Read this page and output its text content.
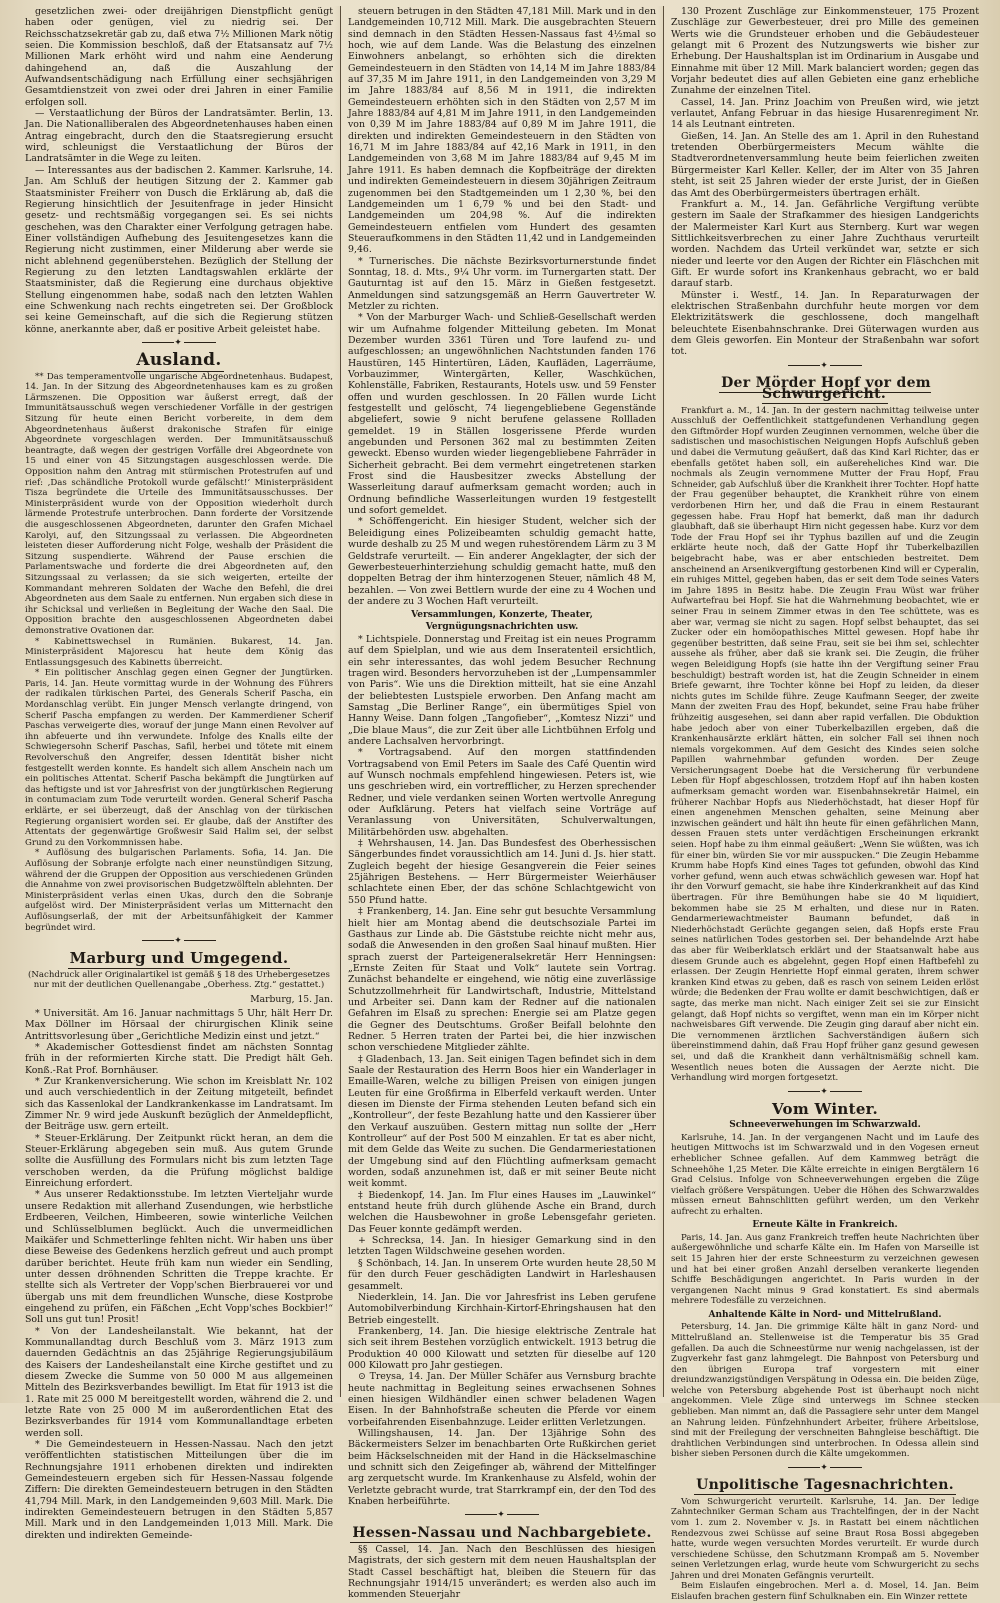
gesetzlichen zwei- oder dreijährigen Dienstpflicht genügt haben oder genügen, viel zu niedrig sei. Der Reichsschatzsekretär gab zu, daß etwa 7½ Millionen Mark nötig seien. Die Kommission beschloß, daß der Etatsansatz auf 7½ Millionen Mark erhöht wird und nahm eine Aenderung dahingehend an, daß die Auszahlung der Aufwandsentschädigung nach Erfüllung einer sechsjährigen Gesamtdienstzeit von zwei oder drei Jahren in einer Familie erfolgen soll.

— Verstaatlichung der Büros der Landratsämter. Berlin, 13. Jan. Die Nationalliberalen des Abgeordnetenhauses haben einen Antrag eingebracht, durch den die Staatsregierung ersucht wird, schleunigst die Verstaatlichung der Büros der Landratsämter in die Wege zu leiten.

— Interessantes aus der badischen 2. Kammer. Karlsruhe, 14. Jan. Am Schluß der heutigen Sitzung der 2. Kammer gab Staatsminister Freiherr von Dusch die Erklärung ab, daß die Regierung hinsichtlich der Jesuitenfrage in jeder Hinsicht gesetz- und rechtsmäßig vorgegangen sei. Es sei nichts geschehen, was den Charakter einer Verfolgung getragen habe. Einer vollständigen Aufhebung des Jesuitengesetzes kann die Regierung nicht zustimmen, einer Milderung aber werde sie nicht ablehnend gegenüberstehen. Bezüglich der Stellung der Regierung zu den letzten Landtagswahlen erklärte der Staatsminister, daß die Regierung eine durchaus objektive Stellung eingenommen habe, sodaß nach den letzten Wahlen eine Schwenkung nach rechts eingetreten sei. Der Großblock sei keine Gemeinschaft, auf die sich die Regierung stützen könne, anerkannte aber, daß er positive Arbeit geleistet habe.

✦
Ausland.

** Das temperamentvolle ungarische Abgeordnetenhaus. Budapest, 14. Jan. In der Sitzung des Abgeordnetenhauses kam es zu großen Lärmszenen. Die Opposition war äußerst erregt, daß der Immunitätsausschuß wegen verschiedener Vorfälle in der gestrigen Sitzung für heute einen Bericht vorbereite, in dem dem Abgeordnetenhaus äußerst drakonische Strafen für einige Abgeordnete vorgeschlagen werden. Der Immunitätsausschuß beantragte, daß wegen der gestrigen Vorfälle drei Abgeordnete von 15 und einer von 45 Sitzungstagen ausgeschlossen werde. Die Opposition nahm den Antrag mit stürmischen Protestrufen auf und rief: ‚Das schändliche Protokoll wurde gefälscht!‘ Ministerpräsident Tisza begründete die Urteile des Immunitätsausschusses. Der Ministerpräsident wurde von der Opposition wiederholt durch lärmende Protestrufe unterbrochen. Dann forderte der Vorsitzende die ausgeschlossenen Abgeordneten, darunter den Grafen Michael Karolyi, auf, den Sitzungssaal zu verlassen. Die Abgeordneten leisteten dieser Aufforderung nicht Folge, weshalb der Präsident die Sitzung suspendierte. Während der Pause erschien die Parlamentswache und forderte die drei Abgeordneten auf, den Sitzungssaal zu verlassen; da sie sich weigerten, erteilte der Kommandant mehreren Soldaten der Wache den Befehl, die drei Abgeordneten aus dem Saale zu entfernen. Nun ergaben sich diese in ihr Schicksal und verließen in Begleitung der Wache den Saal. Die Opposition brachte den ausgeschlossenen Abgeordneten dabei demonstrative Ovationen dar.

* Kabinettswechsel in Rumänien. Bukarest, 14. Jan. Ministerpräsident Majorescu hat heute dem König das Entlassungsgesuch des Kabinetts überreicht.

* Ein politischer Anschlag gegen einen Gegner der Jungtürken. Paris, 14. Jan. Heute vormittag wurde in der Wohnung des Führers der radikalen türkischen Partei, des Generals Scherif Pascha, ein Mordanschlag verübt. Ein junger Mensch verlangte dringend, von Scherif Pascha empfangen zu werden. Der Kammerdiener Scherif Paschas verweigerte dies, worauf der junge Mann einen Revolver auf ihn abfeuerte und ihn verwundete. Infolge des Knalls eilte der Schwiegersohn Scherif Paschas, Safil, herbei und tötete mit einem Revolverschuß den Angreifer, dessen Identität bisher nicht festgestellt werden konnte. Es handelt sich allem Anschein nach um ein politisches Attentat. Scherif Pascha bekämpft die Jungtürken auf das heftigste und ist vor Jahresfrist von der jungtürkischen Regierung in contumaciam zum Tode verurteilt worden. General Scherif Pascha erklärte, er sei überzeugt, daß der Anschlag von der türkischen Regierung organisiert worden sei. Er glaube, daß der Anstifter des Attentats der gegenwärtige Großwesir Said Halim sei, der selbst Grund zu den Vorkommnissen habe.

* Auflösung des bulgarischen Parlaments. Sofia, 14. Jan. Die Auflösung der Sobranje erfolgte nach einer neunstündigen Sitzung, während der die Gruppen der Opposition aus verschiedenen Gründen die Annahme von zwei provisorischen Budgetzwölfteln ablehnten. Der Ministerpräsident verlas einen Ukas, durch den die Sobranje aufgelöst wird. Der Ministerpräsident verlas um Mitternacht den Auflösungserlaß, der mit der Arbeitsunfähigkeit der Kammer begründet wird.

✦
Marburg und Umgegend.
(Nachdruck aller Originalartikel ist gemäß § 18 des Urhebergesetzes nur mit der deutlichen Quellenangabe „Oberhess. Ztg.“ gestattet.)
Marburg, 15. Jan.

* Universität. Am 16. Januar nachmittags 5 Uhr, hält Herr Dr. Max Döllner im Hörsaal der chirurgischen Klinik seine Antrittsvorlesung über „Gerichtliche Medizin einst und jetzt.“

* Akademischer Gottesdienst findet am nächsten Sonntag früh in der reformierten Kirche statt. Die Predigt hält Geh. Konß.-Rat Prof. Bornhäuser.

* Zur Krankenversicherung. Wie schon im Kreisblatt Nr. 102 und auch verschiedentlich in der Zeitung mitgeteilt, befindet sich das Kassenlokal der Landkrankenkasse im Landratsamt. Im Zimmer Nr. 9 wird jede Auskunft bezüglich der Anmeldepflicht, der Beiträge usw. gern erteilt.

* Steuer-Erklärung. Der Zeitpunkt rückt heran, an dem die Steuer-Erklärung abgegeben sein muß. Aus gutem Grunde sollte die Ausfüllung des Formulars nicht bis zum letzten Tage verschoben werden, da die Prüfung möglichst baldige Einreichung erfordert.

* Aus unserer Redaktionsstube. Im letzten Vierteljahr wurde unsere Redaktion mit allerhand Zusendungen, wie herbstliche Erdbeeren, Veilchen, Himbeeren, sowie winterliche Veilchen und Schlüsselblumen beglückt. Auch die unvermeidlichen Maikäfer und Schmetterlinge fehlten nicht. Wir haben uns über diese Beweise des Gedenkens herzlich gefreut und auch prompt darüber berichtet. Heute früh kam nun wieder ein Sendling, unter dessen dröhnenden Schritten die Treppe krachte. Er stellte sich als Vertreter der Vopp'schen Bierbrauerei vor und übergab uns mit dem freundlichen Wunsche, diese Kostprobe eingehend zu prüfen, ein Fäßchen „Echt Vopp'sches Bockbier!“ Soll uns gut tun! Prosit!

* Von der Landesheilanstalt. Wie bekannt, hat der Kommunallandtag durch Beschluß vom 3. März 1913 zum dauernden Gedächtnis an das 25jährige Regierungsjubiläum des Kaisers der Landesheilanstalt eine Kirche gestiftet und zu diesem Zwecke die Summe von 50 000 M aus allgemeinen Mitteln des Bezirksverbandes bewilligt. Im Etat für 1913 ist die 1. Rate mit 25 000 M bereitgestellt worden, während die 2. und letzte Rate von 25 000 M im außerordentlichen Etat des Bezirksverbandes für 1914 vom Kommunallandtage erbeten werden soll.

* Die Gemeindesteuern in Hessen-Nassau. Nach den jetzt veröffentlichten statistischen Mitteilungen über die im Rechnungsjahre 1911 erhobenen direkten und indirekten Gemeindesteuern ergeben sich für Hessen-Nassau folgende Ziffern: Die direkten Gemeindesteuern betrugen in den Städten 41,794 Mill. Mark, in den Landgemeinden 9,603 Mill. Mark. Die indirekten Gemeindesteuern betrugen in den Städten 5,857 Mill. Mark und in den Landgemeinden 1,013 Mill. Mark. Die direkten und indirekten Gemeinde-

steuern betrugen in den Städten 47,181 Mill. Mark und in den Landgemeinden 10,712 Mill. Mark. Die ausgebrachten Steuern sind demnach in den Städten Hessen-Nassaus fast 4½mal so hoch, wie auf dem Lande. Was die Belastung des einzelnen Einwohners anbelangt, so erhöhten sich die direkten Gemeindesteuern in den Städten von 14,14 M im Jahre 1883/84 auf 37,35 M im Jahre 1911, in den Landgemeinden von 3,29 M im Jahre 1883/84 auf 8,56 M in 1911, die indirekten Gemeindesteuern erhöhten sich in den Städten von 2,57 M im Jahre 1883/84 auf 4,81 M im Jahre 1911, in den Landgemeinden von 0,39 M im Jahre 1883/84 auf 0,89 M im Jahre 1911, die direkten und indirekten Gemeindesteuern in den Städten von 16,71 M im Jahre 1883/84 auf 42,16 Mark in 1911, in den Landgemeinden von 3,68 M im Jahre 1883/84 auf 9,45 M im Jahre 1911. Es haben demnach die Kopfbeiträge der direkten und indirekten Gemeindesteuern in diesem 30jährigen Zeitraum zugenommen bei den Stadtgemeinden um 1 2,30 %, bei den Landgemeinden um 1 6,79 % und bei den Stadt- und Landgemeinden um 204,98 %. Auf die indirekten Gemeindesteuern entfielen vom Hundert des gesamten Steueraufkommens in den Städten 11,42 und in Landgemeinden 9,46.

* Turnerisches. Die nächste Bezirksvorturnerstunde findet Sonntag, 18. d. Mts., 9¼ Uhr vorm. im Turnergarten statt. Der Gauturntag ist auf den 15. März in Gießen festgesetzt. Anmeldungen sind satzungsgemäß an Herrn Gauvertreter W. Metzler zu richten.

* Von der Marburger Wach- und Schließ-Gesellschaft werden wir um Aufnahme folgender Mitteilung gebeten. Im Monat Dezember wurden 3361 Türen und Tore laufend zu- und aufgeschlossen; an ungewöhnlichen Nachtstunden fanden 176 Haustüren, 145 Hintertüren, Läden, Kaufläden, Lagerräume, Vorbauzimmer, Wintergärten, Keller, Waschküchen, Kohlenställe, Fabriken, Restaurants, Hotels usw. und 59 Fenster offen und wurden geschlossen. In 20 Fällen wurde Licht festgestellt und gelöscht, 74 liegengebliebene Gegenstände abgeliefert, sowie 9 nicht berufene gelassene Rollladen gemeldet. 19 in Ställen losgerissene Pferde wurden angebunden und Personen 362 mal zu bestimmten Zeiten geweckt. Ebenso wurden wieder liegengebliebene Fahrräder in Sicherheit gebracht. Bei dem vermehrt eingetretenen starken Frost sind die Hausbesitzer zwecks Abstellung der Wasserleitung darauf aufmerksam gemacht worden; auch in Ordnung befindliche Wasserleitungen wurden 19 festgestellt und sofort gemeldet.

* Schöffengericht. Ein hiesiger Student, welcher sich der Beleidigung eines Polizeibeamten schuldig gemacht hatte, wurde deshalb zu 25 M und wegen ruhestörendem Lärm zu 3 M Geldstrafe verurteilt. — Ein anderer Angeklagter, der sich der Gewerbesteuerhinterziehung schuldig gemacht hatte, muß den doppelten Betrag der ihm hinterzogenen Steuer, nämlich 48 M, bezahlen. — Von zwei Bettlern wurde der eine zu 4 Wochen und der andere zu 3 Wochen Haft verurteilt.

Versammlungen, Konzerte, Theater, Vergnügungsnachrichten usw.

* Lichtspiele. Donnerstag und Freitag ist ein neues Programm auf dem Spielplan, und wie aus dem Inseratenteil ersichtlich, ein sehr interessantes, das wohl jedem Besucher Rechnung tragen wird. Besonders hervorzuheben ist der „Lumpensammler von Paris“. Wie uns die Direktion mitteilt, hat sie eine Anzahl der beliebtesten Lustspiele erworben. Den Anfang macht am Samstag „Die Berliner Range“, ein übermütiges Spiel von Hanny Weise. Dann folgen „Tangofieber“, „Komtesz Nizzi“ und „Die blaue Maus“, die zur Zeit über alle Lichtbühnen Erfolg und andere Lachsalven hervorbringt.

* Vortragsabend. Auf den morgen stattfindenden Vortragsabend von Emil Peters im Saale des Café Quentin wird auf Wunsch nochmals empfehlend hingewiesen. Peters ist, wie uns geschrieben wird, ein vortrefflicher, zu Herzen sprechender Redner, und viele verdanken seinen Worten wertvolle Anregung oder Aufklärung. Peters hat vielfach seine Vorträge auf Veranlassung von Universitäten, Schulverwaltungen, Militärbehörden usw. abgehalten.

‡ Wehrshausen, 14. Jan. Das Bundesfest des Oberhessischen Sängerbundes findet voraussichtlich am 14. Juni d. Js. hier statt. Zugleich begeht der hiesige Gesangverein die Feier seines 25jährigen Bestehens. — Herr Bürgermeister Weierhäuser schlachtete einen Eber, der das schöne Schlachtgewicht von 550 Pfund hatte.

‡ Frankenberg, 14. Jan. Eine sehr gut besuchte Versammlung hielt hier am Montag abend die deutschsoziale Partei im Gasthaus zur Linde ab. Die Gäststube reichte nicht mehr aus, sodaß die Anwesenden in den großen Saal hinauf mußten. Hier sprach zuerst der Parteigeneralsekretär Herr Henningsen: „Ernste Zeiten für Staat und Volk“ lautete sein Vortrag. Zunächst behandelte er eingehend, wie nötig eine zuverlässige Schutzzollmehrheit für Landwirtschaft, Industrie, Mittelstand und Arbeiter sei. Dann kam der Redner auf die nationalen Gefahren im Elsaß zu sprechen: Energie sei am Platze gegen die Gegner des Deutschtums. Großer Beifall belohnte den Redner. 5 Herren traten der Partei bei, die hier inzwischen schon verschiedene Mitglieder zählte.

‡ Gladenbach, 13. Jan. Seit einigen Tagen befindet sich in dem Saale der Restauration des Herrn Boos hier ein Wanderlager in Emaille-Waren, welche zu billigen Preisen von einigen jungen Leuten für eine Großfirma in Elberfeld verkauft werden. Unter diesen im Dienste der Firma stehenden Leuten befand sich ein „Kontrolleur“, der feste Bezahlung hatte und den Kassierer über den Verkauf auszuüben. Gestern mittag nun sollte der „Herr Kontrolleur“ auf der Post 500 M einzahlen. Er tat es aber nicht, mit dem Gelde das Weite zu suchen. Die Gendarmeriestationen der Umgebung sind auf den Flüchtling aufmerksam gemacht worden, sodaß anzunehmen ist, daß er mit seiner Beute nicht weit kommt.

‡ Biedenkopf, 14. Jan. Im Flur eines Hauses im „Lauwinkel“ entstand heute früh durch glühende Asche ein Brand, durch welchen die Hausbewohner in große Lebensgefahr gerieten. Das Feuer konnte gedämpft werden.

+ Schrecksa, 14. Jan. In hiesiger Gemarkung sind in den letzten Tagen Wildschweine gesehen worden.

§ Schönbach, 14. Jan. In unserem Orte wurden heute 28,50 M für den durch Feuer geschädigten Landwirt in Harleshausen gesammelt.

Niederklein, 14. Jan. Die vor Jahresfrist ins Leben gerufene Automobilverbindung Kirchhain-Kirtorf-Ehringshausen hat den Betrieb eingestellt.

Frankenberg, 14. Jan. Die hiesige elektrische Zentrale hat sich seit ihrem Bestehen vorzüglich entwickelt. 1913 betrug die Produktion 40 000 Kilowatt und setzten für dieselbe auf 120 000 Kilowatt pro Jahr gestiegen.

⊙ Treysa, 14. Jan. Der Müller Schäfer aus Vernsburg brachte heute nachmittag in Begleitung seines erwachsenen Sohnes einen hiesigen Wildhändler einen schwer beladenen Wagen Eisen. In der Bahnhofstraße scheuten die Pferde vor einem vorbeifahrenden Eisenbahnzuge. Leider erlitten Verletzungen.

Willingshausen, 14. Jan. Der 13jährige Sohn des Bäckermeisters Selzer im benachbarten Orte Rußkirchen geriet beim Häckselschneiden mit der Hand in die Häckselmaschine und schnitt sich den Zeigefinger ab, während der Mittelfinger arg zerquetscht wurde. Im Krankenhause zu Alsfeld, wohin der Verletzte gebracht wurde, trat Starrkrampf ein, der den Tod des Knaben herbeiführte.

✦
Hessen-Nassau und Nachbargebiete.

§§ Cassel, 14. Jan. Nach den Beschlüssen des hiesigen Magistrats, der sich gestern mit dem neuen Haushaltsplan der Stadt Cassel beschäftigt hat, bleiben die Steuern für das Rechnungsjahr 1914/15 unverändert; es werden also auch im kommenden Steuerjahr

130 Prozent Zuschläge zur Einkommensteuer, 175 Prozent Zuschläge zur Gewerbesteuer, drei pro Mille des gemeinen Werts wie die Grundsteuer erhoben und die Gebäudesteuer gelangt mit 6 Prozent des Nutzungswerts wie bisher zur Erhebung. Der Haushaltsplan ist im Ordinarium in Ausgabe und Einnahme mit über 12 Mill. Mark balanciert worden; gegen das Vorjahr bedeutet dies auf allen Gebieten eine ganz erhebliche Zunahme der einzelnen Titel.

Cassel, 14. Jan. Prinz Joachim von Preußen wird, wie jetzt verlautet, Anfang Februar in das hiesige Husarenregiment Nr. 14 als Leutnant eintreten.

Gießen, 14. Jan. An Stelle des am 1. April in den Ruhestand tretenden Oberbürgermeisters Mecum wählte die Stadtverordnetenversammlung heute beim feierlichen zweiten Bürgermeister Karl Keller. Keller, der im Alter von 35 Jahren steht, ist seit 25 Jahren wieder der erste Jurist, der in Gießen das Amt des Oberbürgermeisters übertragen erhält.

Frankfurt a. M., 14. Jan. Gefährliche Vergiftung verübte gestern im Saale der Strafkammer des hiesigen Landgerichts der Malermeister Karl Kurt aus Sternberg. Kurt war wegen Sittlichkeitsverbrechen zu einer Jahre Zuchthaus verurteilt worden. Nachdem das Urteil verkündet war, setzte er sich nieder und leerte vor den Augen der Richter ein Fläschchen mit Gift. Er wurde sofort ins Krankenhaus gebracht, wo er bald darauf starb.

Münster i. Westf., 14. Jan. In Reparaturwagen der elektrischen Straßenbahn durchfuhr heute morgen vor dem Elektrizitätswerk die geschlossene, doch mangelhaft beleuchtete Eisenbahnschranke. Drei Güterwagen wurden aus dem Gleis geworfen. Ein Monteur der Straßenbahn war sofort tot.

✦
Der Mörder Hopf vor dem Schwurgericht.

Frankfurt a. M., 14. Jan. In der gestern nachmittag teilweise unter Ausschluß der Oeffentlichkeit stattgefundenen Verhandlung gegen den Giftmörder Hopf wurden Zeuginnen vernommen, welche über die sadistischen und masochistischen Neigungen Hopfs Aufschluß geben und dabei die Vermutung geäußert, daß das Kind Karl Richter, das er ebenfalls getötet haben soll, ein außereheliches Kind war. Die nochmals als Zeugin vernommene Mutter der Frau Hopf, Frau Schneider, gab Aufschluß über die Krankheit ihrer Tochter. Hopf hatte der Frau gegenüber behauptet, die Krankheit rühre von einem verdorbenen Hirn her, und daß die Frau in einem Restaurant gegessen habe. Frau Hopf hat bemerkt, daß man ihr dadurch glaubhaft, daß sie überhaupt Hirn nicht gegessen habe. Kurz vor dem Tode der Frau Hopf sei ihr Typhus bazillen auf und die Zeugin erklärte heute noch, daß der Gatte Hopf ihr Tuberkelbazillen beigebracht habe, was er aber entschieden bestreitet. Dem anscheinend an Arsenikvergiftung gestorbenen Kind will er Cyperalin, ein ruhiges Mittel, gegeben haben, das er seit dem Tode seines Vaters im Jahre 1895 in Besitz habe. Die Zeugin Frau Wüst war früher Aufwartefrau bei Hopf. Sie hat die Wahrnehmung beobachtet, wie er seiner Frau in seinem Zimmer etwas in den Tee schüttete, was es aber war, vermag sie nicht zu sagen. Hopf selbst behauptet, das sei Zucker oder ein homöopathisches Mittel gewesen. Hopf habe ihr gegenüber bestritten, daß seine Frau, seit sie bei ihm sei, schlechter aussehe als früher, aber daß sie krank sei. Die Zeugin, die früher wegen Beleidigung Hopfs (sie hatte ihn der Vergiftung seiner Frau beschuldigt) bestraft worden ist, hat die Zeugin Schneider in einem Briefe gewarnt, ihre Tochter könne bei Hopf zu leiden, da dieser nichts gutes im Schilde führe. Zeuge Kaufmann Seeger, der zweite Mann der zweiten Frau des Hopf, bekundet, seine Frau habe früher frühzeitig ausgesehen, sei dann aber rapid verfallen. Die Obduktion habe jedoch aber von einer Tuberkelbazillen ergeben, daß die Krankenhausärzte erklärt hätten, ein solcher Fall sei ihnen noch niemals vorgekommen. Auf dem Gesicht des Kindes seien solche Papillen wahrnehmbar gefunden worden. Der Zeuge Versicherungsagent Doebe hat die Versicherung für verbundene Leben für Hopf abgeschlossen, trotzdem Hopf auf ihn haben kosten aufmerksam gemacht worden war. Eisenbahnsekretär Haimel, ein früherer Nachbar Hopfs aus Niederhöchstadt, hat dieser Hopf für einen angenehmen Menschen gehalten, seine Meinung aber inzwischen geändert und hält ihn heute für einen gefährlichen Mann, dessen Frauen stets unter verdächtigen Erscheinungen erkrankt seien. Hopf habe zu ihm einmal geäußert: „Wenn Sie wüßten, was ich für einer bin, würden Sie vor mir ausspucken.“ Die Zeugin Hebamme Krumm habe Hopfs Kind eines Tages tot gefunden, obwohl das Kind vorher gefund, wenn auch etwas schwächlich gewesen war. Hopf hat ihr den Vorwurf gemacht, sie habe ihre Kinderkrankheit auf das Kind übertragen. Für ihre Bemühungen habe sie 40 M liquidiert, bekommen habe sie 25 M erhalten, und diese nur in Raten. Gendarmeriewachtmeister Baumann befundet, daß in Niederhöchstadt Gerüchte gegangen seien, daß Hopfs erste Frau seines natürlichen Todes gestorben sei. Der behandelnde Arzt habe das aber für Weiberklatsch erklärt und der Staatsanwalt habe aus diesem Grunde auch es abgelehnt, gegen Hopf einen Haftbefehl zu erlassen. Der Zeugin Henriette Hopf einmal geraten, ihrem schwer kranken Kind etwas zu geben, daß es rasch von seinem Leiden erlöst würde; die Bedenken der Frau wollte er damit beschwichtigen, daß er sagte, das merke man nicht. Nach einiger Zeit sei sie zur Einsicht gelangt, daß Hopf nichts so vergiftet, wenn man ein im Körper nicht nachweisbares Gift verwende. Die Zeugin ging darauf aber nicht ein. Die vernommenen ärztlichen Sachverständigen äußern sich übereinstimmend dahin, daß Frau Hopf früher ganz gesund gewesen sei, und daß die Krankheit dann verhältnismäßig schnell kam. Wesentlich neues boten die Aussagen der Aerzte nicht. Die Verhandlung wird morgen fortgesetzt.

✦
Vom Winter.
Schneeverwehungen im Schwarzwald.

Karlsruhe, 14. Jan. In der vergangenen Nacht und im Laufe des heutigen Mittwochs ist im Schwarzwald und in den Vogesen erneut erheblicher Schnee gefallen. Auf dem Kammweg beträgt die Schneehöhe 1,25 Meter. Die Kälte erreichte in einigen Bergtälern 16 Grad Celsius. Infolge von Schneeverwehungen ergeben die Züge vielfach größere Verspätungen. Ueber die Höhen des Schwarzwaldes müssen erneut Bahnschlitten geführt werden, um den Verkehr aufrecht zu erhalten.

Erneute Kälte in Frankreich.

Paris, 14. Jan. Aus ganz Frankreich treffen heute Nachrichten über außergewöhnliche und scharfe Kälte ein. Im Hafen von Marseille ist seit 15 Jahren hier der erste Schneesturm zu verzeichnen gewesen und hat bei einer großen Anzahl derselben verankerte liegenden Schiffe Beschädigungen angerichtet. In Paris wurden in der vergangenen Nacht minus 9 Grad konstatiert. Es sind abermals mehrere Todesfälle zu verzeichnen.

Anhaltende Kälte in Nord- und Mittelrußland.

Petersburg, 14. Jan. Die grimmige Kälte hält in ganz Nord- und Mittelrußland an. Stellenweise ist die Temperatur bis 35 Grad gefallen. Da auch die Schneestürme nur wenig nachgelassen, ist der Zugverkehr fast ganz lahmgelegt. Die Bahnpost von Petersburg und den übrigen Europa traf vorgestern mit einer dreiundzwanzigstündigen Verspätung in Odessa ein. Die beiden Züge, welche von Petersburg abgehende Post ist überhaupt noch nicht angekommen. Viele Züge sind unterwegs im Schnee stecken geblieben. Man nimmt an, daß die Passagiere sehr unter dem Mangel an Nahrung leiden. Fünfzehnhundert Arbeiter, frühere Arbeitslose, sind mit der Freilegung der verschneiten Bahngleise beschäftigt. Die drahtlichen Verbindungen sind unterbrochen. In Odessa allein sind bisher sieben Personen durch die Kälte umgekommen.

✦
Unpolitische Tagesnachrichten.

Vom Schwurgericht verurteilt. Karlsruhe, 14. Jan. Der ledige Zahntechniker German Scham aus Trachtelfingen, der in der Nacht vom 1. zum 2. November v. Js. in Rastatt bei einem nächtlichen Rendezvous zwei Schüsse auf seine Braut Rosa Bossi abgegeben hatte, wurde wegen versuchten Mordes verurteilt. Er wurde durch verschiedene Schüsse, den Schutzmann Krompaß am 5. November seinen Verletzungen erlag, wurde heute vom Schwurgericht zu sechs Jahren und drei Monaten Gefängnis verurteilt.

Beim Eislaufen eingebrochen. Merl a. d. Mosel, 14. Jan. Beim Eislaufen brachen gestern fünf Schulknaben ein. Ein Winzer rettete
